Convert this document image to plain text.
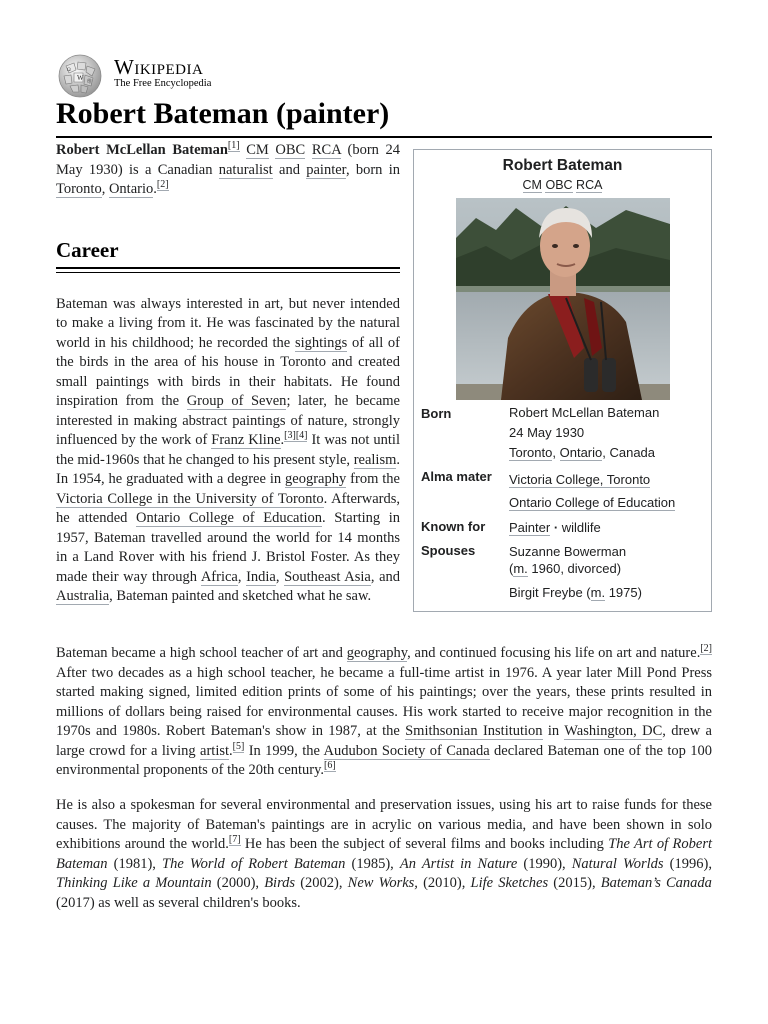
W
Ω
维
Wikipedia
The Free Encyclopedia
Robert Bateman (painter)

Robert McLellan Bateman[1] CM OBC RCA (born 24 May 1930) is a Canadian naturalist and painter, born in Toronto, Ontario.[2]

Career

Bateman was always interested in art, but never intended to make a living from it. He was fascinated by the natural world in his childhood; he recorded the sightings of all of the birds in the area of his house in Toronto and created small paintings with birds in their habitats. He found inspiration from the Group of Seven; later, he became interested in making abstract paintings of nature, strongly influenced by the work of Franz Kline.[3][4] It was not until the mid-1960s that he changed to his present style, realism. In 1954, he graduated with a degree in geography from the Victoria College in the University of Toronto. Afterwards, he attended Ontario College of Education. Starting in 1957, Bateman travelled around the world for 14 months in a Land Rover with his friend J. Bristol Foster. As they made their way through Africa, India, Southeast Asia, and Australia, Bateman painted and sketched what he saw.

Bateman became a high school teacher of art and geography, and continued focusing his life on art and nature.[2] After two decades as a high school teacher, he became a full-time artist in 1976. A year later Mill Pond Press started making signed, limited edition prints of some of his paintings; over the years, these prints resulted in millions of dollars being raised for environmental causes. His work started to receive major recognition in the 1970s and 1980s. Robert Bateman's show in 1987, at the Smithsonian Institution in Washington, DC, drew a large crowd for a living artist.[5] In 1999, the Audubon Society of Canada declared Bateman one of the top 100 environmental proponents of the 20th century.[6]

He is also a spokesman for several environmental and preservation issues, using his art to raise funds for these causes. The majority of Bateman's paintings are in acrylic on various media, and have been shown in solo exhibitions around the world.[7] He has been the subject of several films and books including The Art of Robert Bateman (1981), The World of Robert Bateman (1985), An Artist in Nature (1990), Natural Worlds (1996), Thinking Like a Mountain (2000), Birds (2002), New Works, (2010), Life Sketches (2015), Bateman’s Canada (2017) as well as several children's books.

Robert Bateman
CM OBC RCA
Born	Robert McLellan Bateman
24 May 1930
Toronto, Ontario, Canada
Alma mater Victoria College, Toronto
Ontario College of Education
Known for Painter · wildlife
Spouses	Suzanne Bowerman
(m. 1960, divorced)
Birgit Freybe (m. 1975)
